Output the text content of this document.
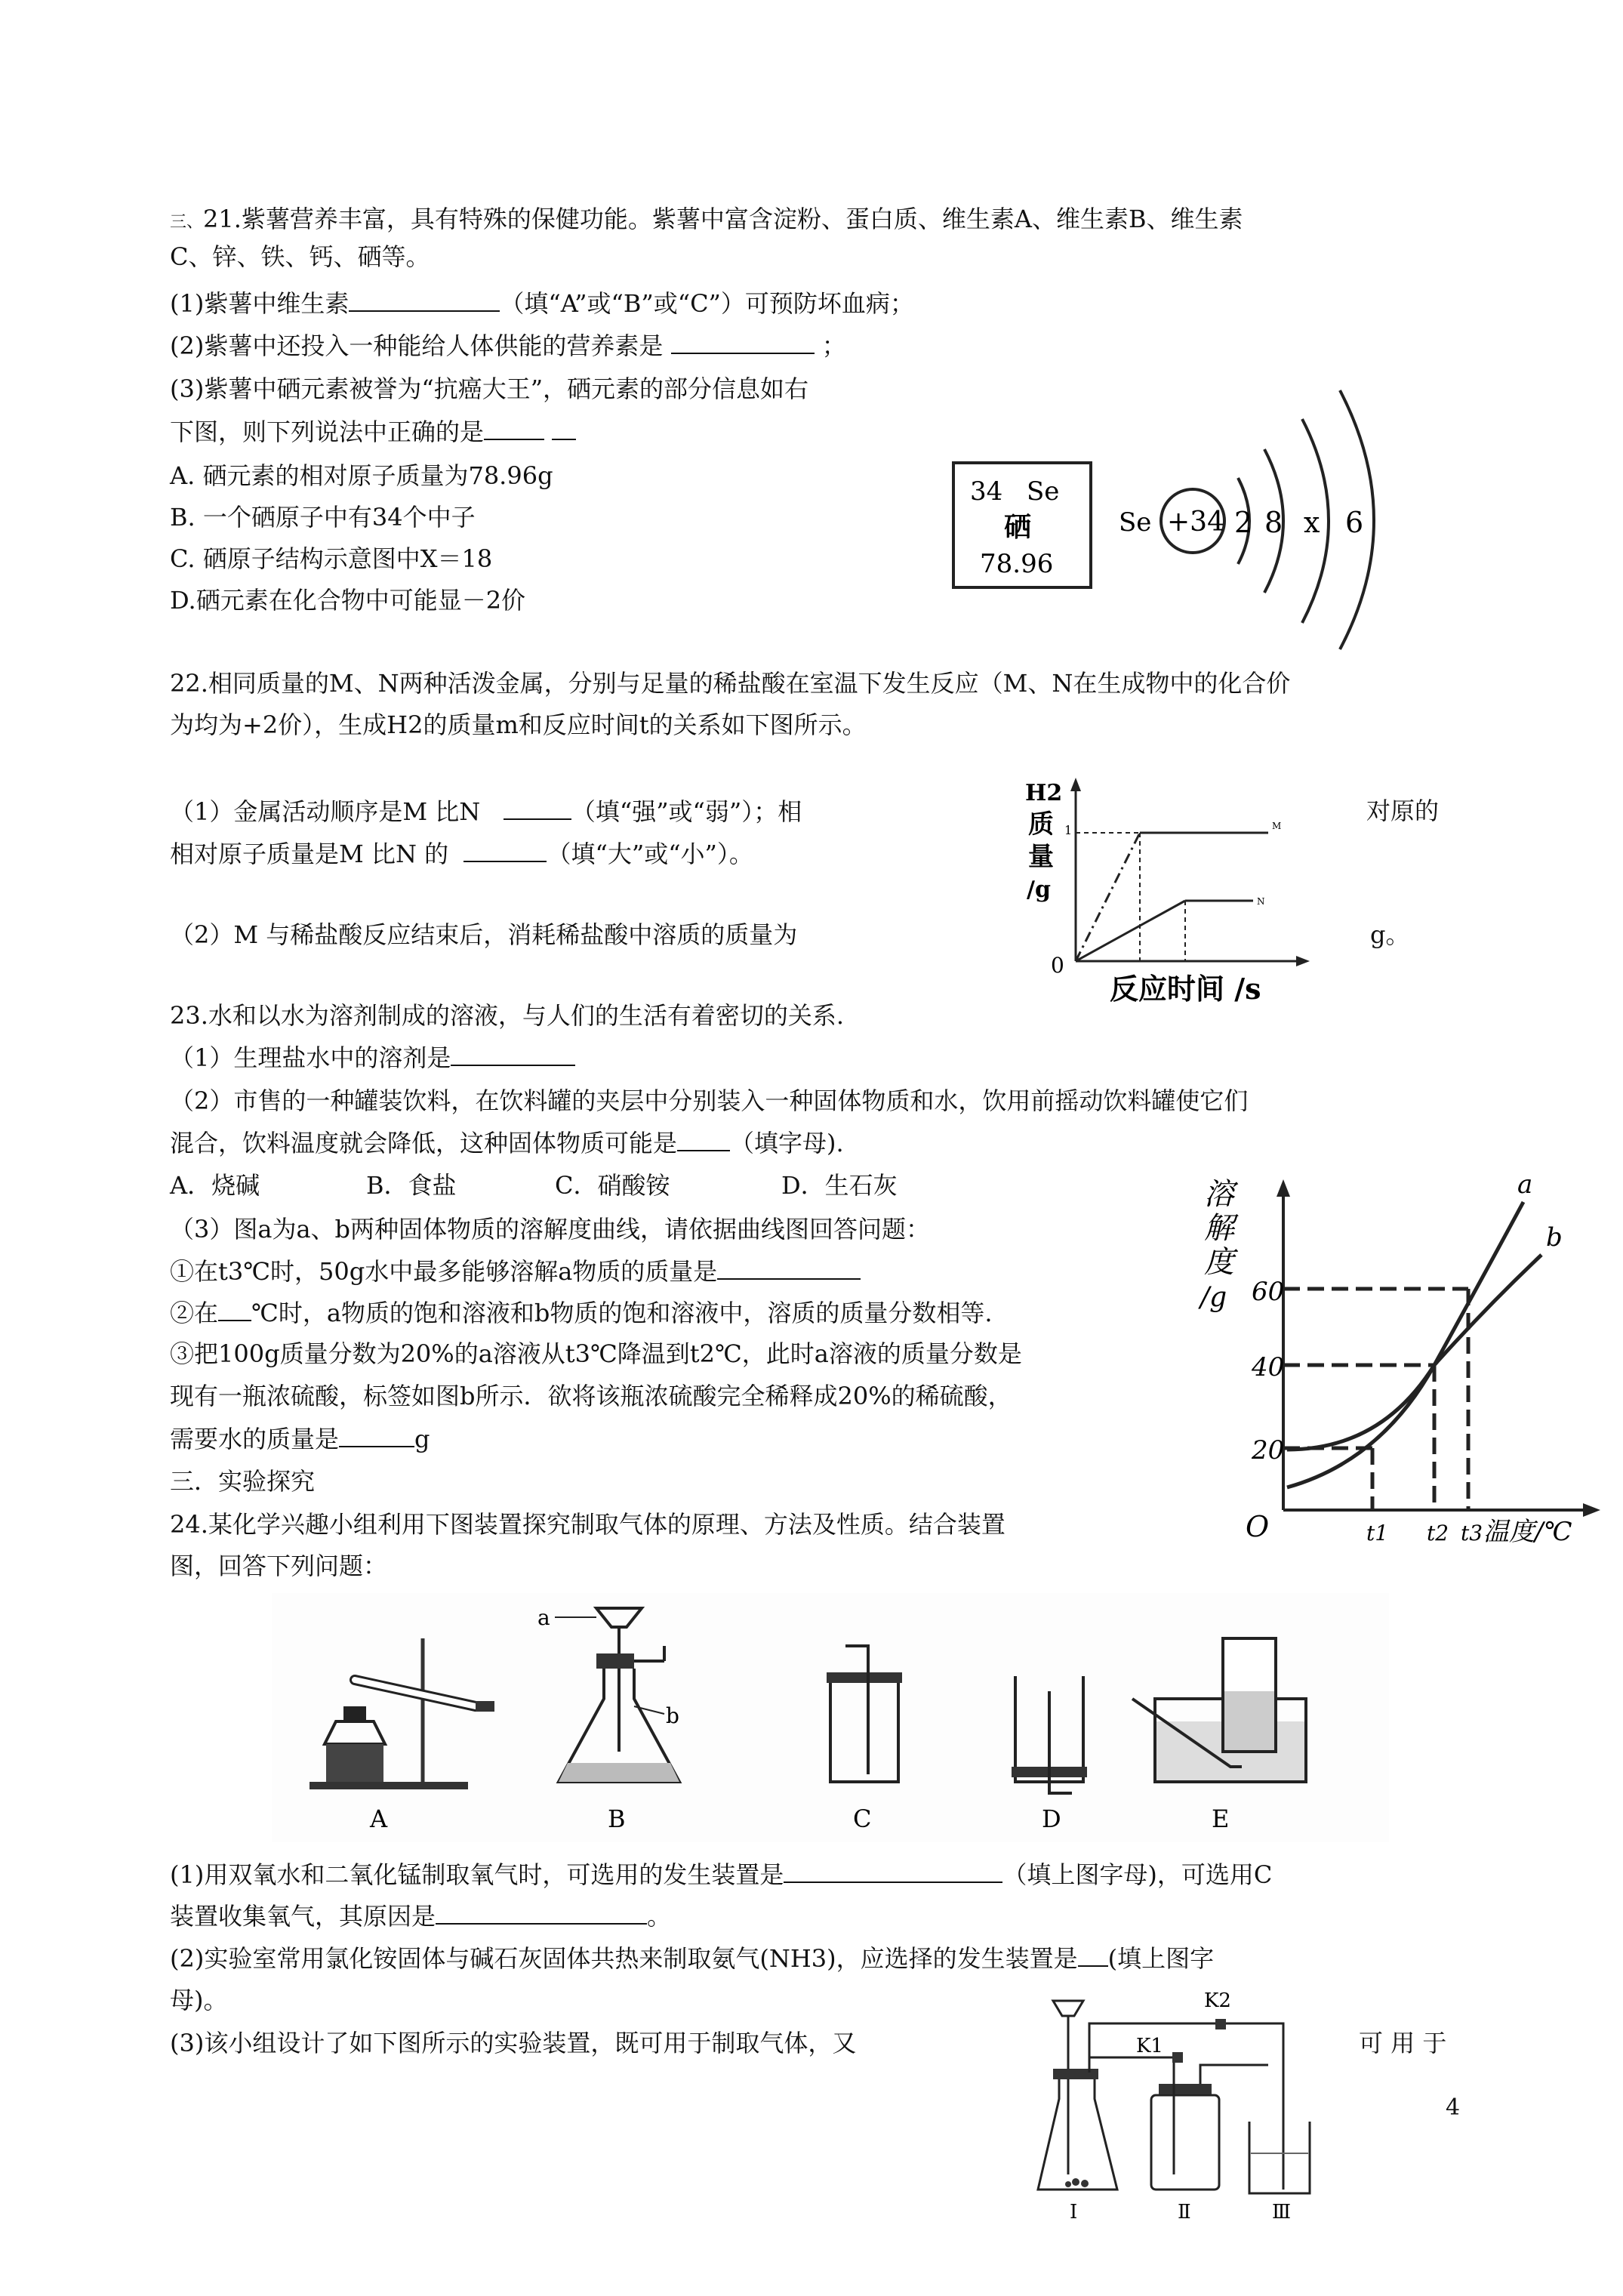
三、21.紫薯营养丰富，具有特殊的保健功能。紫薯中富含淀粉、蛋白质、维生素A、维生素B、维生素
C、锌、铁、钙、硒等。
(1)紫薯中维生素	（填“A”或“B”或“C”）可预防坏血病；
(2)紫薯中还投入一种能给人体供能的营养素是	；
(3)紫薯中硒元素被誉为“抗癌大王”，硒元素的部分信息如右
下图，则下列说法中正确的是
A. 硒元素的相对原子质量为78.96g
B. 一个硒原子中有34个中子
C. 硒原子结构示意图中X＝18
D.硒元素在化合物中可能显－2价
34 Se
硒
78.96
Se +34 2 8 x 6
22.相同质量的M、N两种活泼金属，分别与足量的稀盐酸在室温下发生反应（M、N在生成物中的化合价
为均为+2价），生成H2的质量m和反应时间t的关系如下图所示。
（1）金属活动顺序是M 比N	（填“强”或“弱”）；相	对原的
相对原子质量是M 比N 的	（填“大”或“小”）。
（2）M 与稀盐酸反应结束后，消耗稀盐酸中溶质的质量为	g。
H2
质
量
/g
0
1	M
N
反应时间 /s
23.水和以水为溶剂制成的溶液，与人们的生活有着密切的关系.
（1）生理盐水中的溶剂是
（2）市售的一种罐装饮料，在饮料罐的夹层中分别装入一种固体物质和水，饮用前摇动饮料罐使它们
混合，饮料温度就会降低，这种固体物质可能是 （填字母).
A．烧碱	B．食盐	C．硝酸铵	D．生石灰
（3）图a为a、b两种固体物质的溶解度曲线，请依据曲线图回答问题：
①在t3℃时，50g水中最多能够溶解a物质的质量是
②在 ℃时，a物质的饱和溶液和b物质的饱和溶液中，溶质的质量分数相等.
③把100g质量分数为20%的a溶液从t3℃降温到t2℃，此时a溶液的质量分数是
现有一瓶浓硫酸，标签如图b所示．欲将该瓶浓硫酸完全稀释成20%的稀硫酸，
需要水的质量是	g
溶
解
度
/g
O
20
40
60
a
b
t1 t2 t3 温度/℃
三．实验探究
24.某化学兴趣小组利用下图装置探究制取气体的原理、方法及性质。结合装置
图，回答下列问题：
A
a
b
B	C	D	E
(1)用双氧水和二氧化锰制取氧气时，可选用的发生装置是	（填上图字母)，可选用C
装置收集氧气，其原因是	。
(2)实验室常用氯化铵固体与碱石灰固体共热来制取氨气(NH3)，应选择的发生装置是 (填上图字
母)。
(3)该小组设计了如下图所示的实验装置，既可用于制取气体，又	可 用 于
K2
K1
Ⅰ	Ⅱ	Ⅲ
4
